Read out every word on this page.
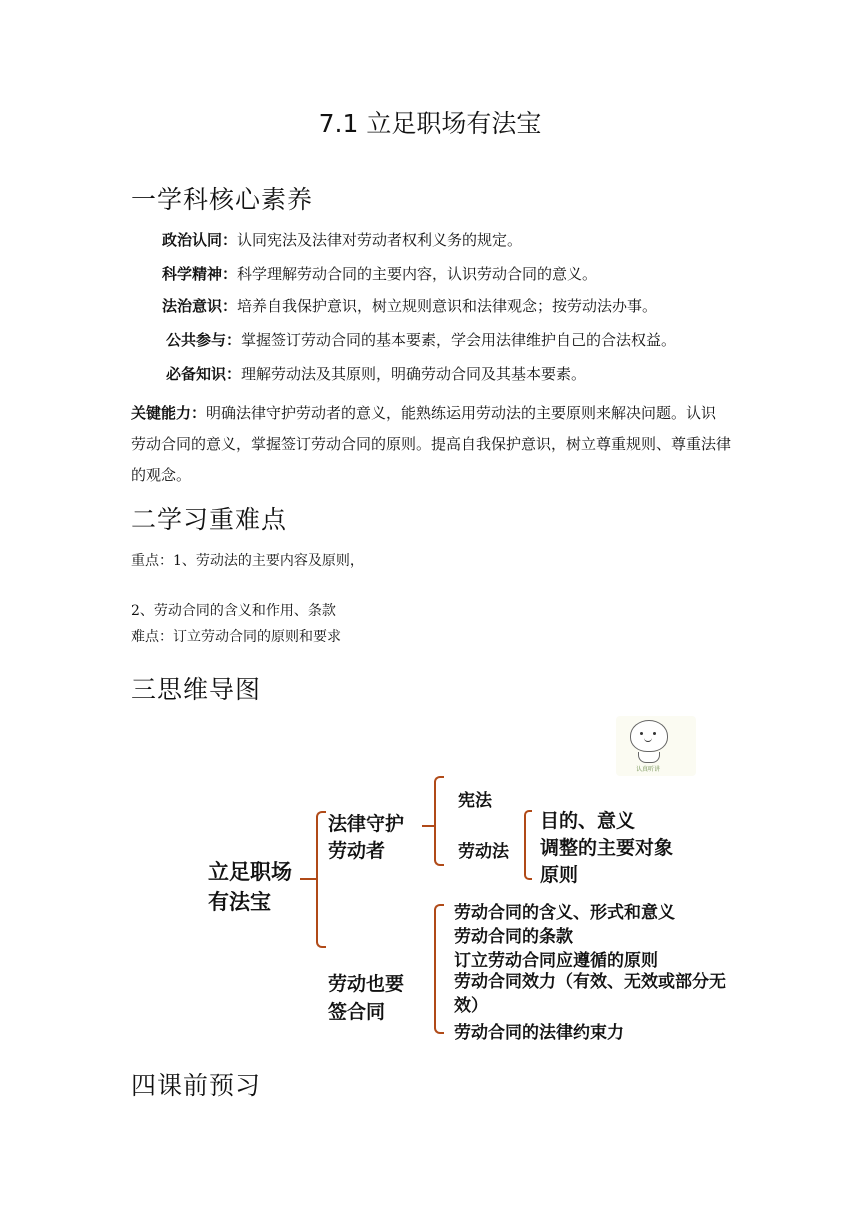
7.1 立足职场有法宝
一学科核心素养
政治认同：认同宪法及法律对劳动者权利义务的规定。
科学精神：科学理解劳动合同的主要内容，认识劳动合同的意义。
法治意识：培养自我保护意识，树立规则意识和法律观念；按劳动法办事。
公共参与：掌握签订劳动合同的基本要素，学会用法律维护自己的合法权益。
必备知识：理解劳动法及其原则，明确劳动合同及其基本要素。
关键能力：明确法律守护劳动者的意义，能熟练运用劳动法的主要原则来解决问题。认识劳动合同的意义，掌握签订劳动合同的原则。提高自我保护意识，树立尊重规则、尊重法律的观念。
二学习重难点
重点：1、劳动法的主要内容及原则，
2、劳动合同的含义和作用、条款
难点：订立劳动合同的原则和要求
三思维导图
认真听讲
立足职场
有法宝
法律守护
劳动者
宪法
劳动法
目的、意义
调整的主要对象
原则
劳动也要
签合同
劳动合同的含义、形式和意义
劳动合同的条款
订立劳动合同应遵循的原则
劳动合同效力（有效、无效或部分无效）
劳动合同的法律约束力
四课前预习
